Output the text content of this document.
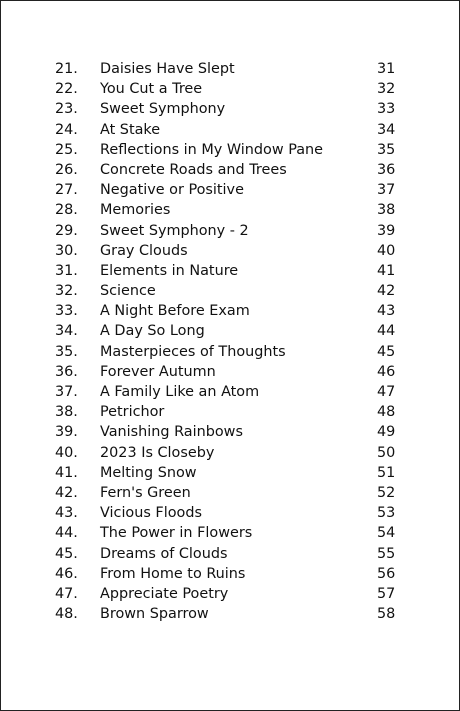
21. Daisies Have Slept	31
22. You Cut a Tree	32
23. Sweet Symphony	33
24. At Stake	34
25. Reflections in My Window Pane	35
26. Concrete Roads and Trees	36
27. Negative or Positive	37
28. Memories	38
29. Sweet Symphony - 2	39
30. Gray Clouds	40
31. Elements in Nature	41
32. Science	42
33. A Night Before Exam	43
34. A Day So Long	44
35. Masterpieces of Thoughts	45
36. Forever Autumn	46
37. A Family Like an Atom	47
38. Petrichor	48
39. Vanishing Rainbows	49
40. 2023 Is Closeby	50
41. Melting Snow	51
42. Fern's Green	52
43. Vicious Floods	53
44. The Power in Flowers	54
45. Dreams of Clouds	55
46. From Home to Ruins	56
47. Appreciate Poetry	57
48. Brown Sparrow	58
